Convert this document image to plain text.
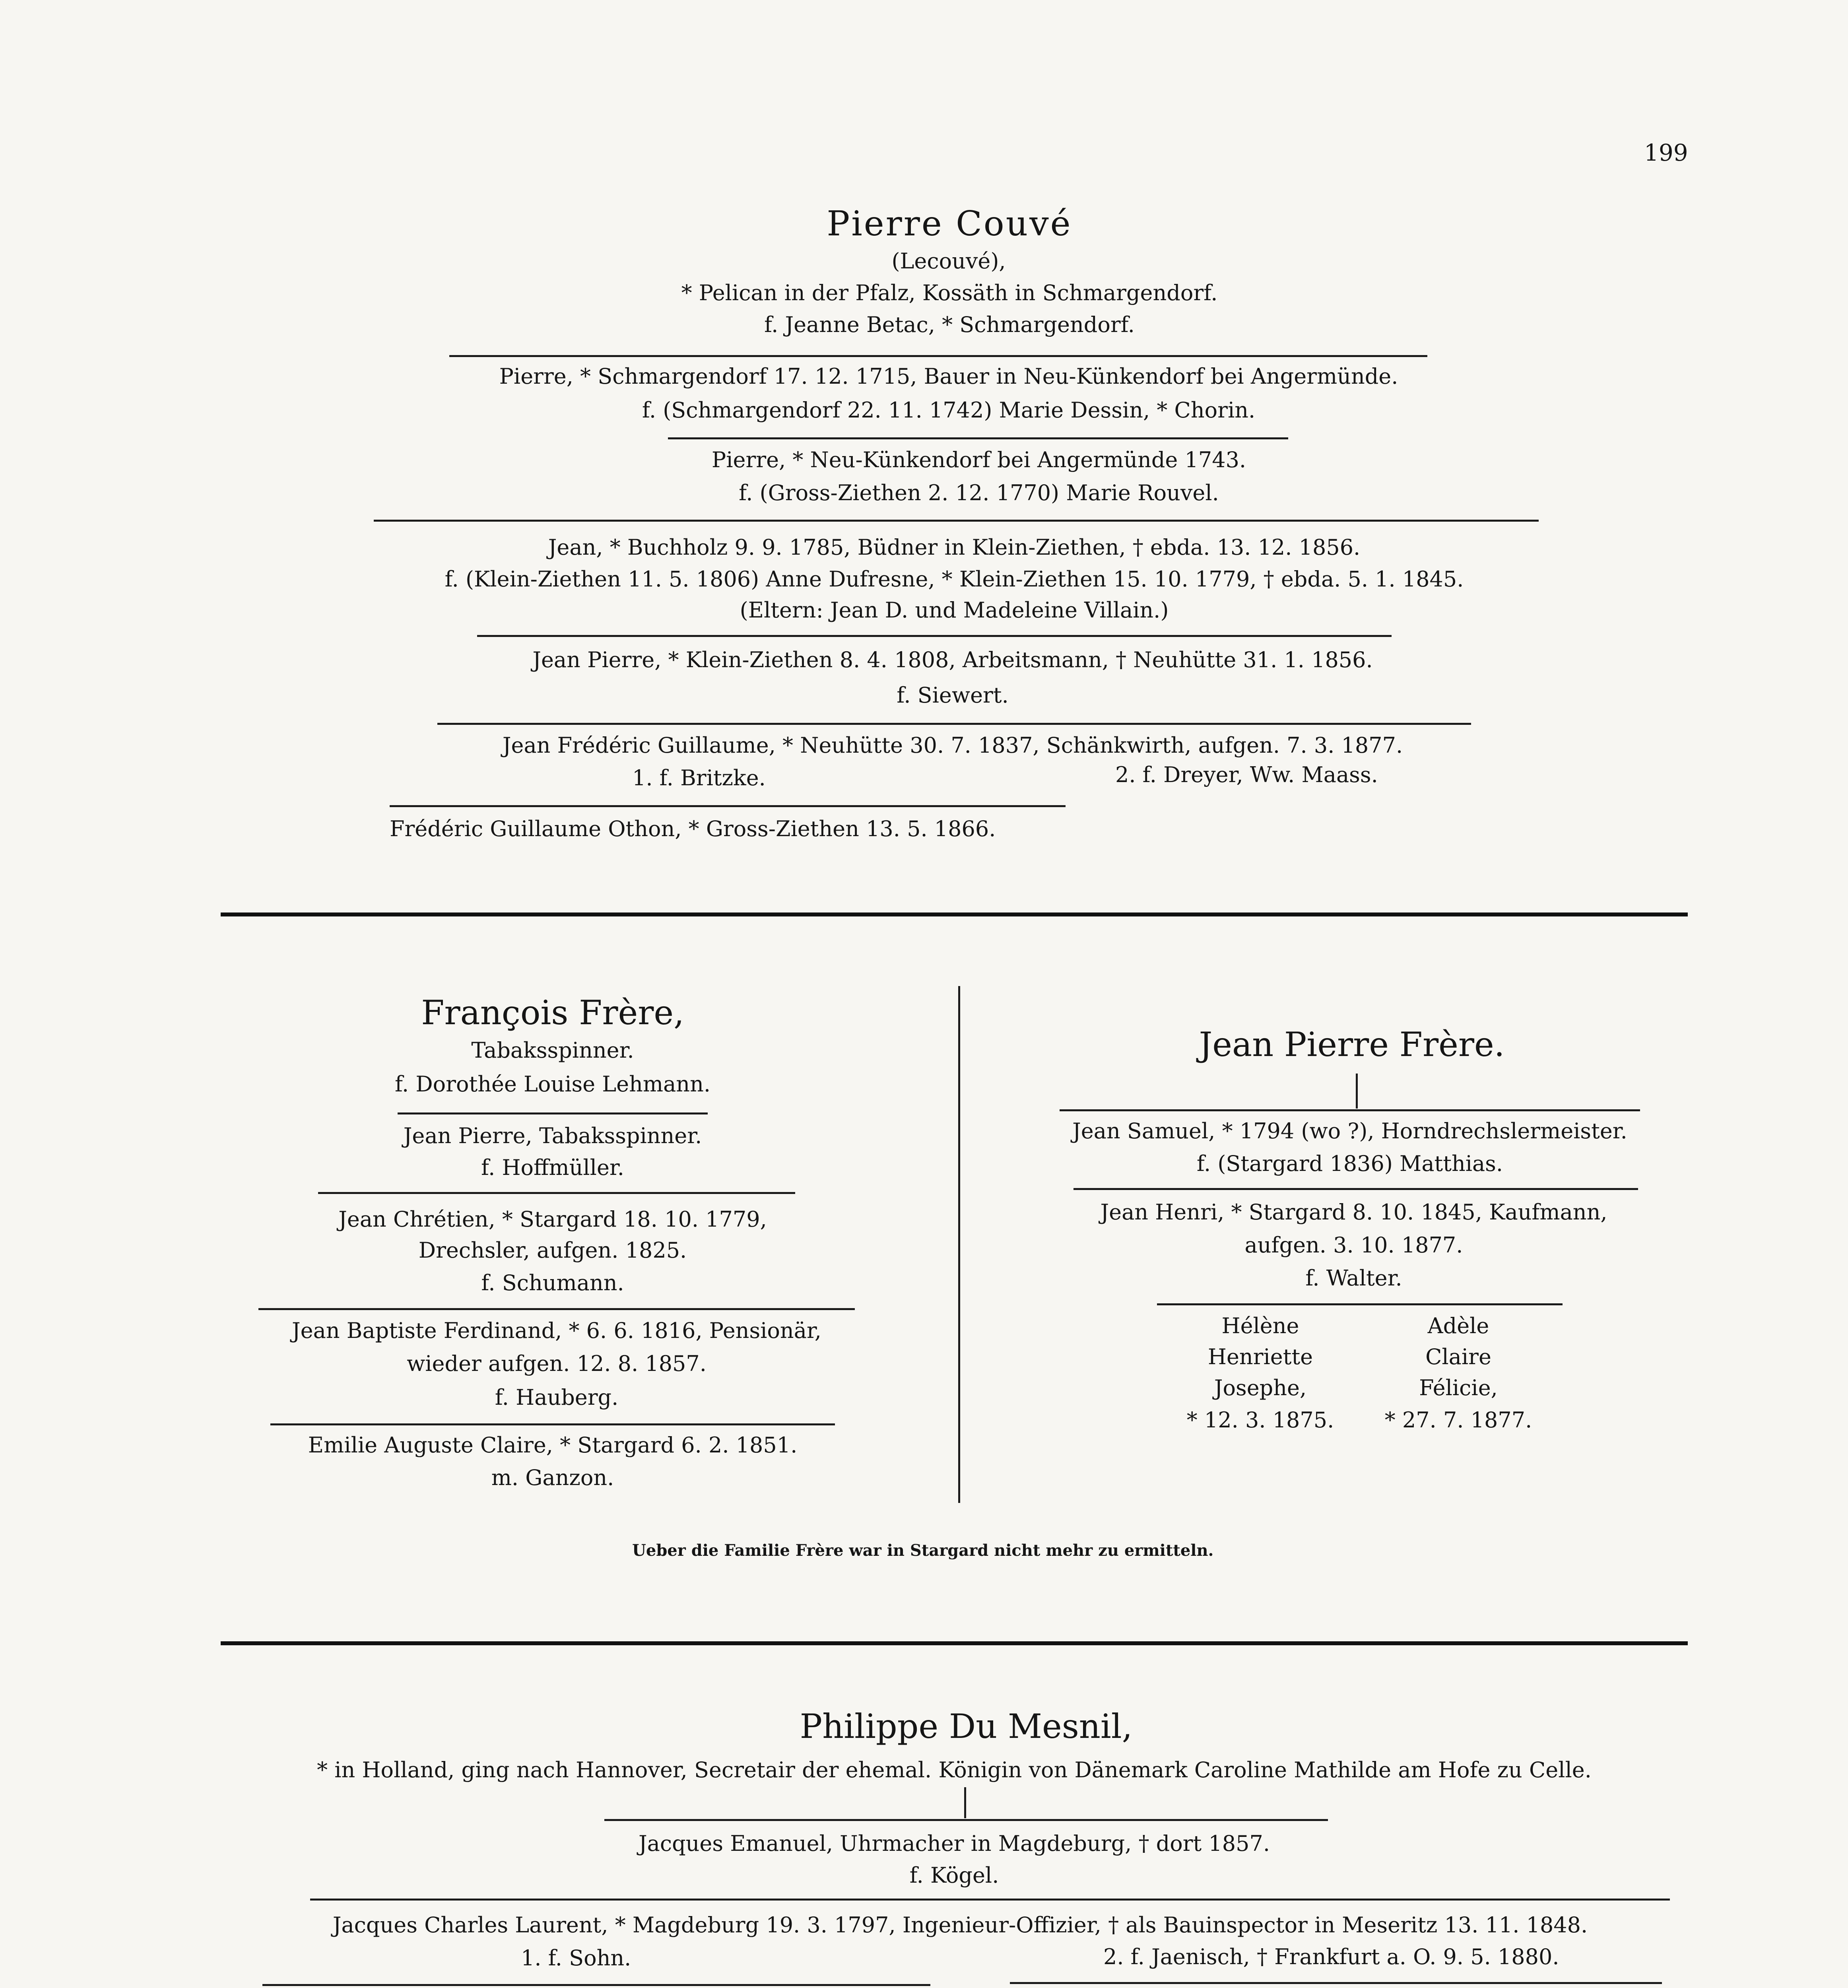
199
Pierre Couvé
(Lecouvé),
* Pelican in der Pfalz, Kossäth in Schmargendorf.
f. Jeanne Betac, * Schmargendorf.
Pierre, * Schmargendorf 17. 12. 1715, Bauer in Neu-Künkendorf bei Angermünde.
f. (Schmargendorf 22. 11. 1742) Marie Dessin, * Chorin.
Pierre, * Neu-Künkendorf bei Angermünde 1743.
f. (Gross-Ziethen 2. 12. 1770) Marie Rouvel.
Jean, * Buchholz 9. 9. 1785, Büdner in Klein-Ziethen, † ebda. 13. 12. 1856.
f. (Klein-Ziethen 11. 5. 1806) Anne Dufresne, * Klein-Ziethen 15. 10. 1779, † ebda. 5. 1. 1845.
(Eltern: Jean D. und Madeleine Villain.)
Jean Pierre, * Klein-Ziethen 8. 4. 1808, Arbeitsmann, † Neuhütte 31. 1. 1856.
f. Siewert.
Jean Frédéric Guillaume, * Neuhütte 30. 7. 1837, Schänkwirth, aufgen. 7. 3. 1877.
1. f. Britzke.	2. f. Dreyer, Ww. Maass.
Frédéric Guillaume Othon, * Gross-Ziethen 13. 5. 1866.
François Frère,
Tabaksspinner.
f. Dorothée Louise Lehmann.
Jean Pierre, Tabaksspinner.
f. Hoffmüller.
Jean Chrétien, * Stargard 18. 10. 1779,
Drechsler, aufgen. 1825.
f. Schumann.
Jean Baptiste Ferdinand, * 6. 6. 1816, Pensionär,
wieder aufgen. 12. 8. 1857.
f. Hauberg.
Emilie Auguste Claire, * Stargard 6. 2. 1851.
m. Ganzon.
Jean Pierre Frère.
Jean Samuel, * 1794 (wo ?), Horndrechslermeister.
f. (Stargard 1836) Matthias.
Jean Henri, * Stargard 8. 10. 1845, Kaufmann,
aufgen. 3. 10. 1877.
f. Walter.
Hélène
Henriette
Josephe,
* 12. 3. 1875.
Adèle
Claire
Félicie,
* 27. 7. 1877.
Ueber die Familie Frère war in Stargard nicht mehr zu ermitteln.
Philippe Du Mesnil,
* in Holland, ging nach Hannover, Secretair der ehemal. Königin von Dänemark Caroline Mathilde am Hofe zu Celle.
Jacques Emanuel, Uhrmacher in Magdeburg, † dort 1857.
f. Kögel.
Jacques Charles Laurent, * Magdeburg 19. 3. 1797, Ingenieur-Offizier, † als Bauinspector in Meseritz 13. 11. 1848.
1. f. Sohn.	2. f. Jaenisch, † Frankfurt a. O. 9. 5. 1880.
